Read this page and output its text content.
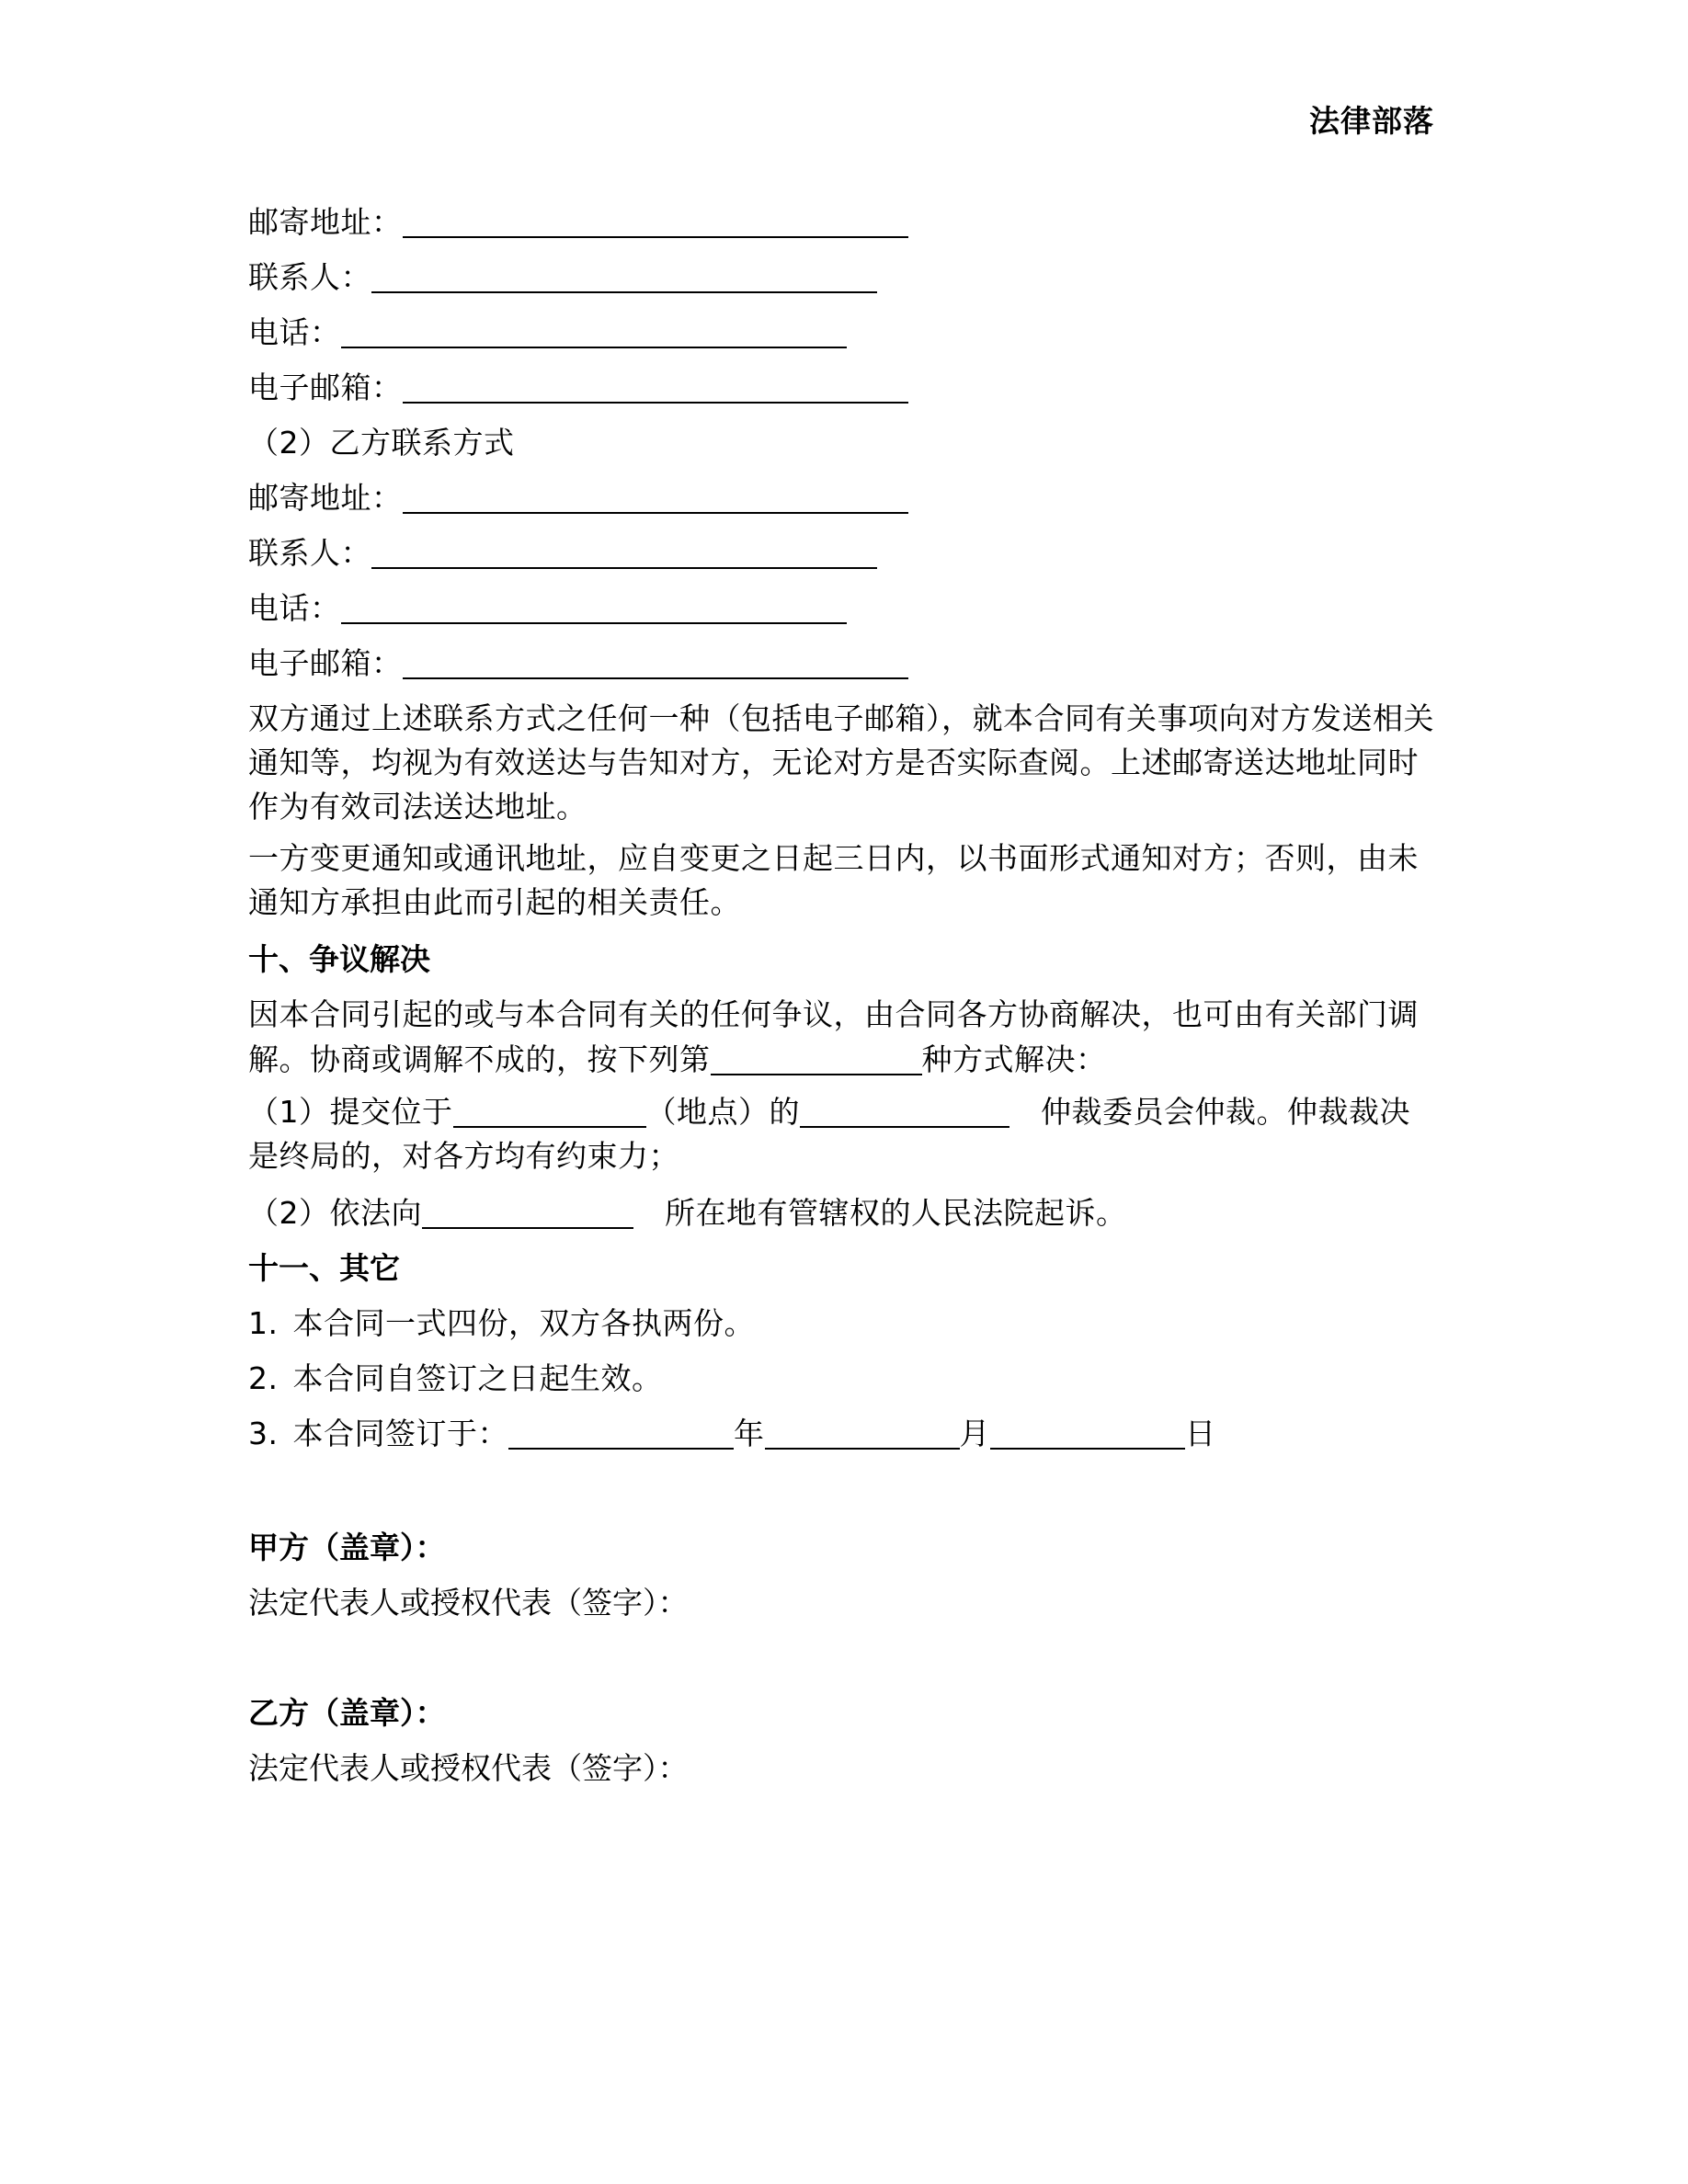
法律部落
邮寄地址：
联系人：
电话：
电子邮箱：
（2）乙方联系方式
邮寄地址：
联系人：
电话：
电子邮箱：
双方通过上述联系方式之任何一种（包括电子邮箱），就本合同有关事项向对方发送相关通知等，均视为有效送达与告知对方，无论对方是否实际查阅。上述邮寄送达地址同时作为有效司法送达地址。
一方变更通知或通讯地址，应自变更之日起三日内，以书面形式通知对方；否则，由未通知方承担由此而引起的相关责任。
十、争议解决
因本合同引起的或与本合同有关的任何争议，由合同各方协商解决，也可由有关部门调解。协商或调解不成的，按下列第	种方式解决：
（1）提交位于	（地点）的	仲裁委员会仲裁。仲裁裁决是终局的，对各方均有约束力；
（2）依法向	所在地有管辖权的人民法院起诉。
十一、其它
1. 本合同一式四份，双方各执两份。
2. 本合同自签订之日起生效。
3. 本合同签订于：	年	月	日
甲方（盖章）：
法定代表人或授权代表（签字）：
乙方（盖章）：
法定代表人或授权代表（签字）：
